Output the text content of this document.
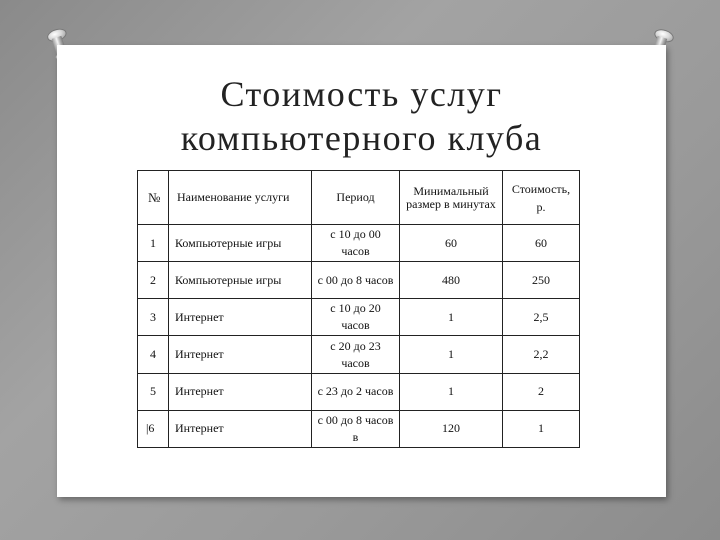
Стоимость услуг
компьютерного клуба
№	Наименование услуги	Период	Минимальный размер в минутах	Стоимость, р.
1	Компьютерные игры	с 10 до 00 часов	60	60
2	Компьютерные игры	с 00 до 8 часов	480	250
3	Интернет	с 10 до 20 часов	1	2,5
4	Интернет	с 20 до 23 часов	1	2,2
5	Интернет	с 23 до 2 часов	1	2
|6	Интернет	с 00 до 8 часов в	120	1
